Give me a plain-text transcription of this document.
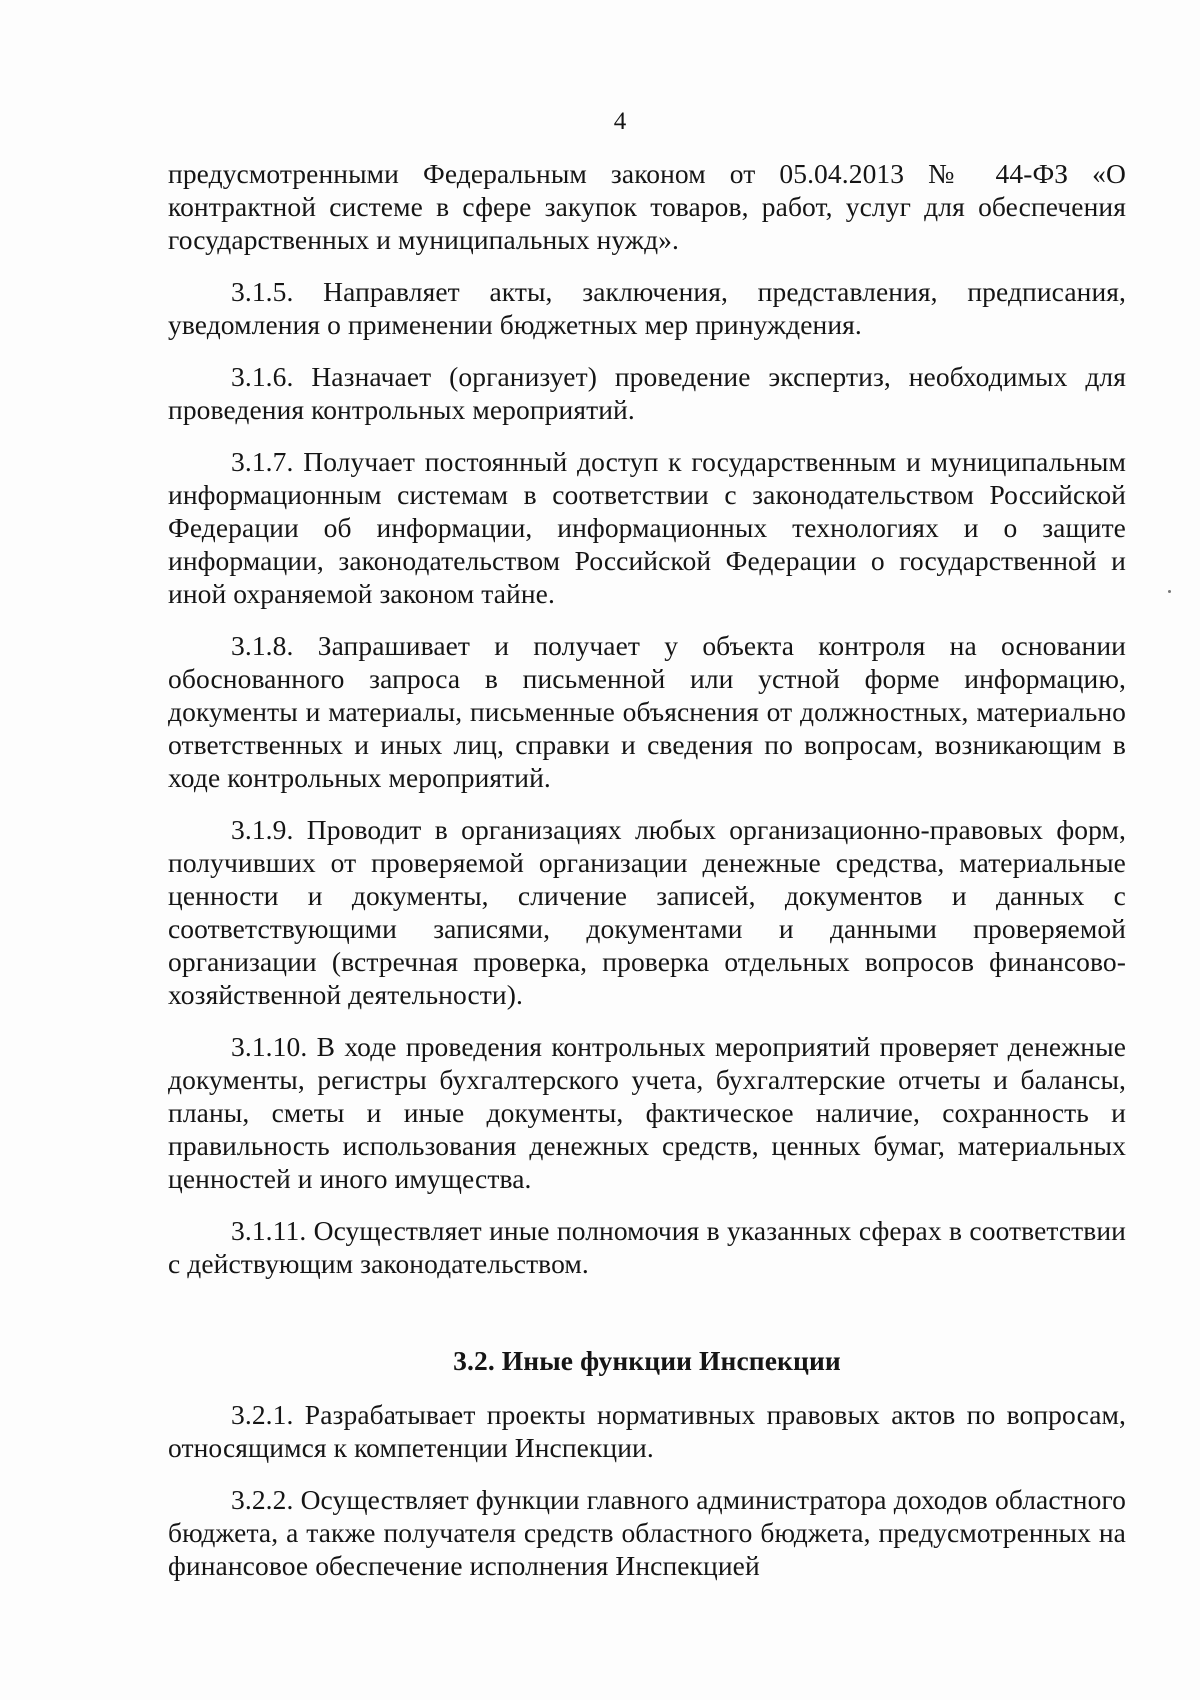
4

предусмотренными Федеральным законом от 05.04.2013 № 44-ФЗ «О контрактной системе в сфере закупок товаров, работ, услуг для обеспечения государственных и муниципальных нужд».

3.1.5. Направляет акты, заключения, представления, предписания, уведомления о применении бюджетных мер принуждения.

3.1.6. Назначает (организует) проведение экспертиз, необходимых для проведения контрольных мероприятий.

3.1.7. Получает постоянный доступ к государственным и муниципальным информационным системам в соответствии с законодательством Российской Федерации об информации, информационных технологиях и о защите информации, законодательством Российской Федерации о государственной и иной охраняемой законом тайне.

3.1.8. Запрашивает и получает у объекта контроля на основании обоснованного запроса в письменной или устной форме информацию, документы и материалы, письменные объяснения от должностных, материально ответственных и иных лиц, справки и сведения по вопросам, возникающим в ходе контрольных мероприятий.

3.1.9. Проводит в организациях любых организационно-правовых форм, получивших от проверяемой организации денежные средства, материальные ценности и документы, сличение записей, документов и данных с соответствующими записями, документами и данными проверяемой организации (встречная проверка, проверка отдельных вопросов финансово-хозяйственной деятельности).

3.1.10. В ходе проведения контрольных мероприятий проверяет денежные документы, регистры бухгалтерского учета, бухгалтерские отчеты и балансы, планы, сметы и иные документы, фактическое наличие, сохранность и правильность использования денежных средств, ценных бумаг, материальных ценностей и иного имущества.

3.1.11. Осуществляет иные полномочия в указанных сферах в соответствии с действующим законодательством.

3.2. Иные функции Инспекции

3.2.1. Разрабатывает проекты нормативных правовых актов по вопросам, относящимся к компетенции Инспекции.

3.2.2. Осуществляет функции главного администратора доходов областного бюджета, а также получателя средств областного бюджета, предусмотренных на финансовое обеспечение исполнения Инспекцией
